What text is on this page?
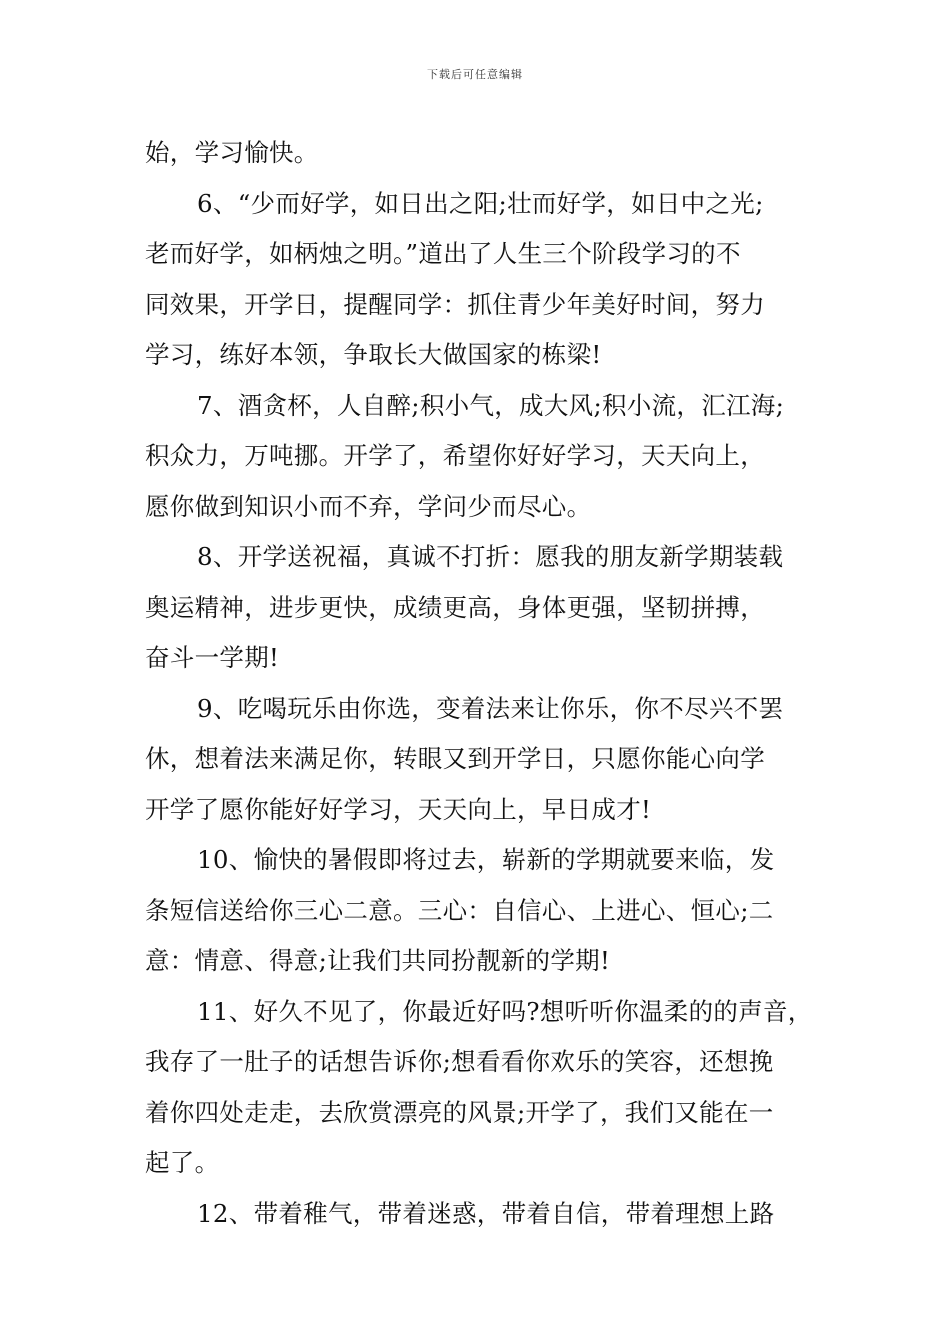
下载后可任意编辑
始，学习愉快。
6、“少而好学，如日出之阳;壮而好学，如日中之光;
老而好学，如柄烛之明。”道出了人生三个阶段学习的不
同效果，开学日，提醒同学：抓住青少年美好时间，努力
学习，练好本领，争取长大做国家的栋梁!
7、酒贪杯，人自醉;积小气，成大风;积小流，汇江海;
积众力，万吨挪。开学了，希望你好好学习，天天向上，
愿你做到知识小而不弃，学问少而尽心。
8、开学送祝福，真诚不打折：愿我的朋友新学期装载
奥运精神，进步更快，成绩更高，身体更强，坚韧拼搏，
奋斗一学期!
9、吃喝玩乐由你选，变着法来让你乐，你不尽兴不罢
休，想着法来满足你，转眼又到开学日，只愿你能心向学
开学了愿你能好好学习，天天向上，早日成才!
10、愉快的暑假即将过去，崭新的学期就要来临，发
条短信送给你三心二意。三心：自信心、上进心、恒心;二
意：情意、得意;让我们共同扮靓新的学期!
11、好久不见了，你最近好吗?想听听你温柔的的声音，
我存了一肚子的话想告诉你;想看看你欢乐的笑容，还想挽
着你四处走走，去欣赏漂亮的风景;开学了，我们又能在一
起了。
12、带着稚气，带着迷惑，带着自信，带着理想上路
